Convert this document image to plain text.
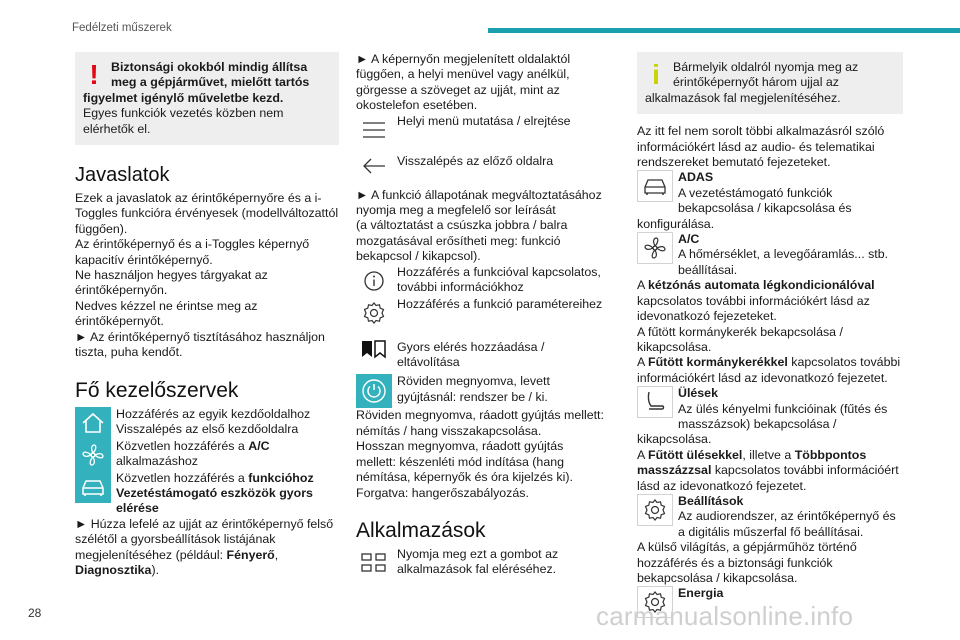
Fedélzeti műszerek
! Biztonsági okokból mindig állítsa meg a gépjárművet, mielőtt tartós figyelmet igénylő műveletbe kezd.

Egyes funkciók vezetés közben nem elérhetők el.

Javaslatok

Ezek a javaslatok az érintőképernyőre és a i-Toggles funkcióra érvényesek (modellváltozattól függően).

Az érintőképernyő és a i-Toggles képernyő kapacitív érintőképernyő.

Ne használjon hegyes tárgyakat az érintőképernyőn.

Nedves kézzel ne érintse meg az érintőképernyőt.

► Az érintőképernyő tisztításához használjon tiszta, puha kendőt.

Fő kezelőszervek

Hozzáférés az egyik kezdőoldalhoz

Visszalépés az első kezdőoldalra

Közvetlen hozzáférés a A/C alkalmazáshoz

Közvetlen hozzáférés a funkcióhoz Vezetéstámogató eszközök gyors elérése

► Húzza lefelé az ujját az érintőképernyő felső szélétől a gyorsbeállítások listájának megjelenítéséhez (például: Fényerő, Diagnosztika).

► A képernyőn megjelenített oldalaktól függően, a helyi menüvel vagy anélkül, görgesse a szöveget az ujját, mint az okostelefon esetében.

Helyi menü mutatása / elrejtése

Visszalépés az előző oldalra

► A funkció állapotának megváltoztatásához nyomja meg a megfelelő sor leírását

(a változtatást a csúszka jobbra / balra mozgatásával erősítheti meg: funkció bekapcsol / kikapcsol).

Hozzáférés a funkcióval kapcsolatos, további információkhoz

Hozzáférés a funkció paramétereihez

Gyors elérés hozzáadása / eltávolítása

Röviden megnyomva, levett gyújtásnál: rendszer be / ki.

Röviden megnyomva, ráadott gyújtás mellett: némítás / hang visszakapcsolása.

Hosszan megnyomva, ráadott gyújtás mellett: készenléti mód indítása (hang némítása, képernyők és óra kijelzés ki).

Forgatva: hangerőszabályozás.

Alkalmazások

Nyomja meg ezt a gombot az alkalmazások fal eléréséhez.

i	Bármelyik oldalról nyomja meg az érintőképernyőt három ujjal az alkalmazások fal megjelenítéséhez.

Az itt fel nem sorolt többi alkalmazásról szóló információkért lásd az audio- és telematikai rendszereket bemutató fejezeteket.

ADAS

A vezetéstámogató funkciók bekapcsolása / kikapcsolása és konfigurálása.

A/C

A hőmérséklet, a levegőáramlás... stb. beállításai.

A kétzónás automata légkondicionálóval kapcsolatos további információkért lásd az idevonatkozó fejezeteket.

A fűtött kormánykerék bekapcsolása / kikapcsolása.

A Fűtött kormánykerékkel kapcsolatos további információkért lásd az idevonatkozó fejezetet.

Ülések

Az ülés kényelmi funkcióinak (fűtés és masszázsok) bekapcsolása / kikapcsolása.

A Fűtött ülésekkel, illetve a Többpontos masszázzsal kapcsolatos további információért lásd az idevonatkozó fejezetet.

Beállítások

Az audiorendszer, az érintőképernyő és a digitális műszerfal fő beállításai.

A külső világítás, a gépjárműhöz történő hozzáférés és a biztonsági funkciók bekapcsolása / kikapcsolása.

Energia

28	carmanualsonline.info
